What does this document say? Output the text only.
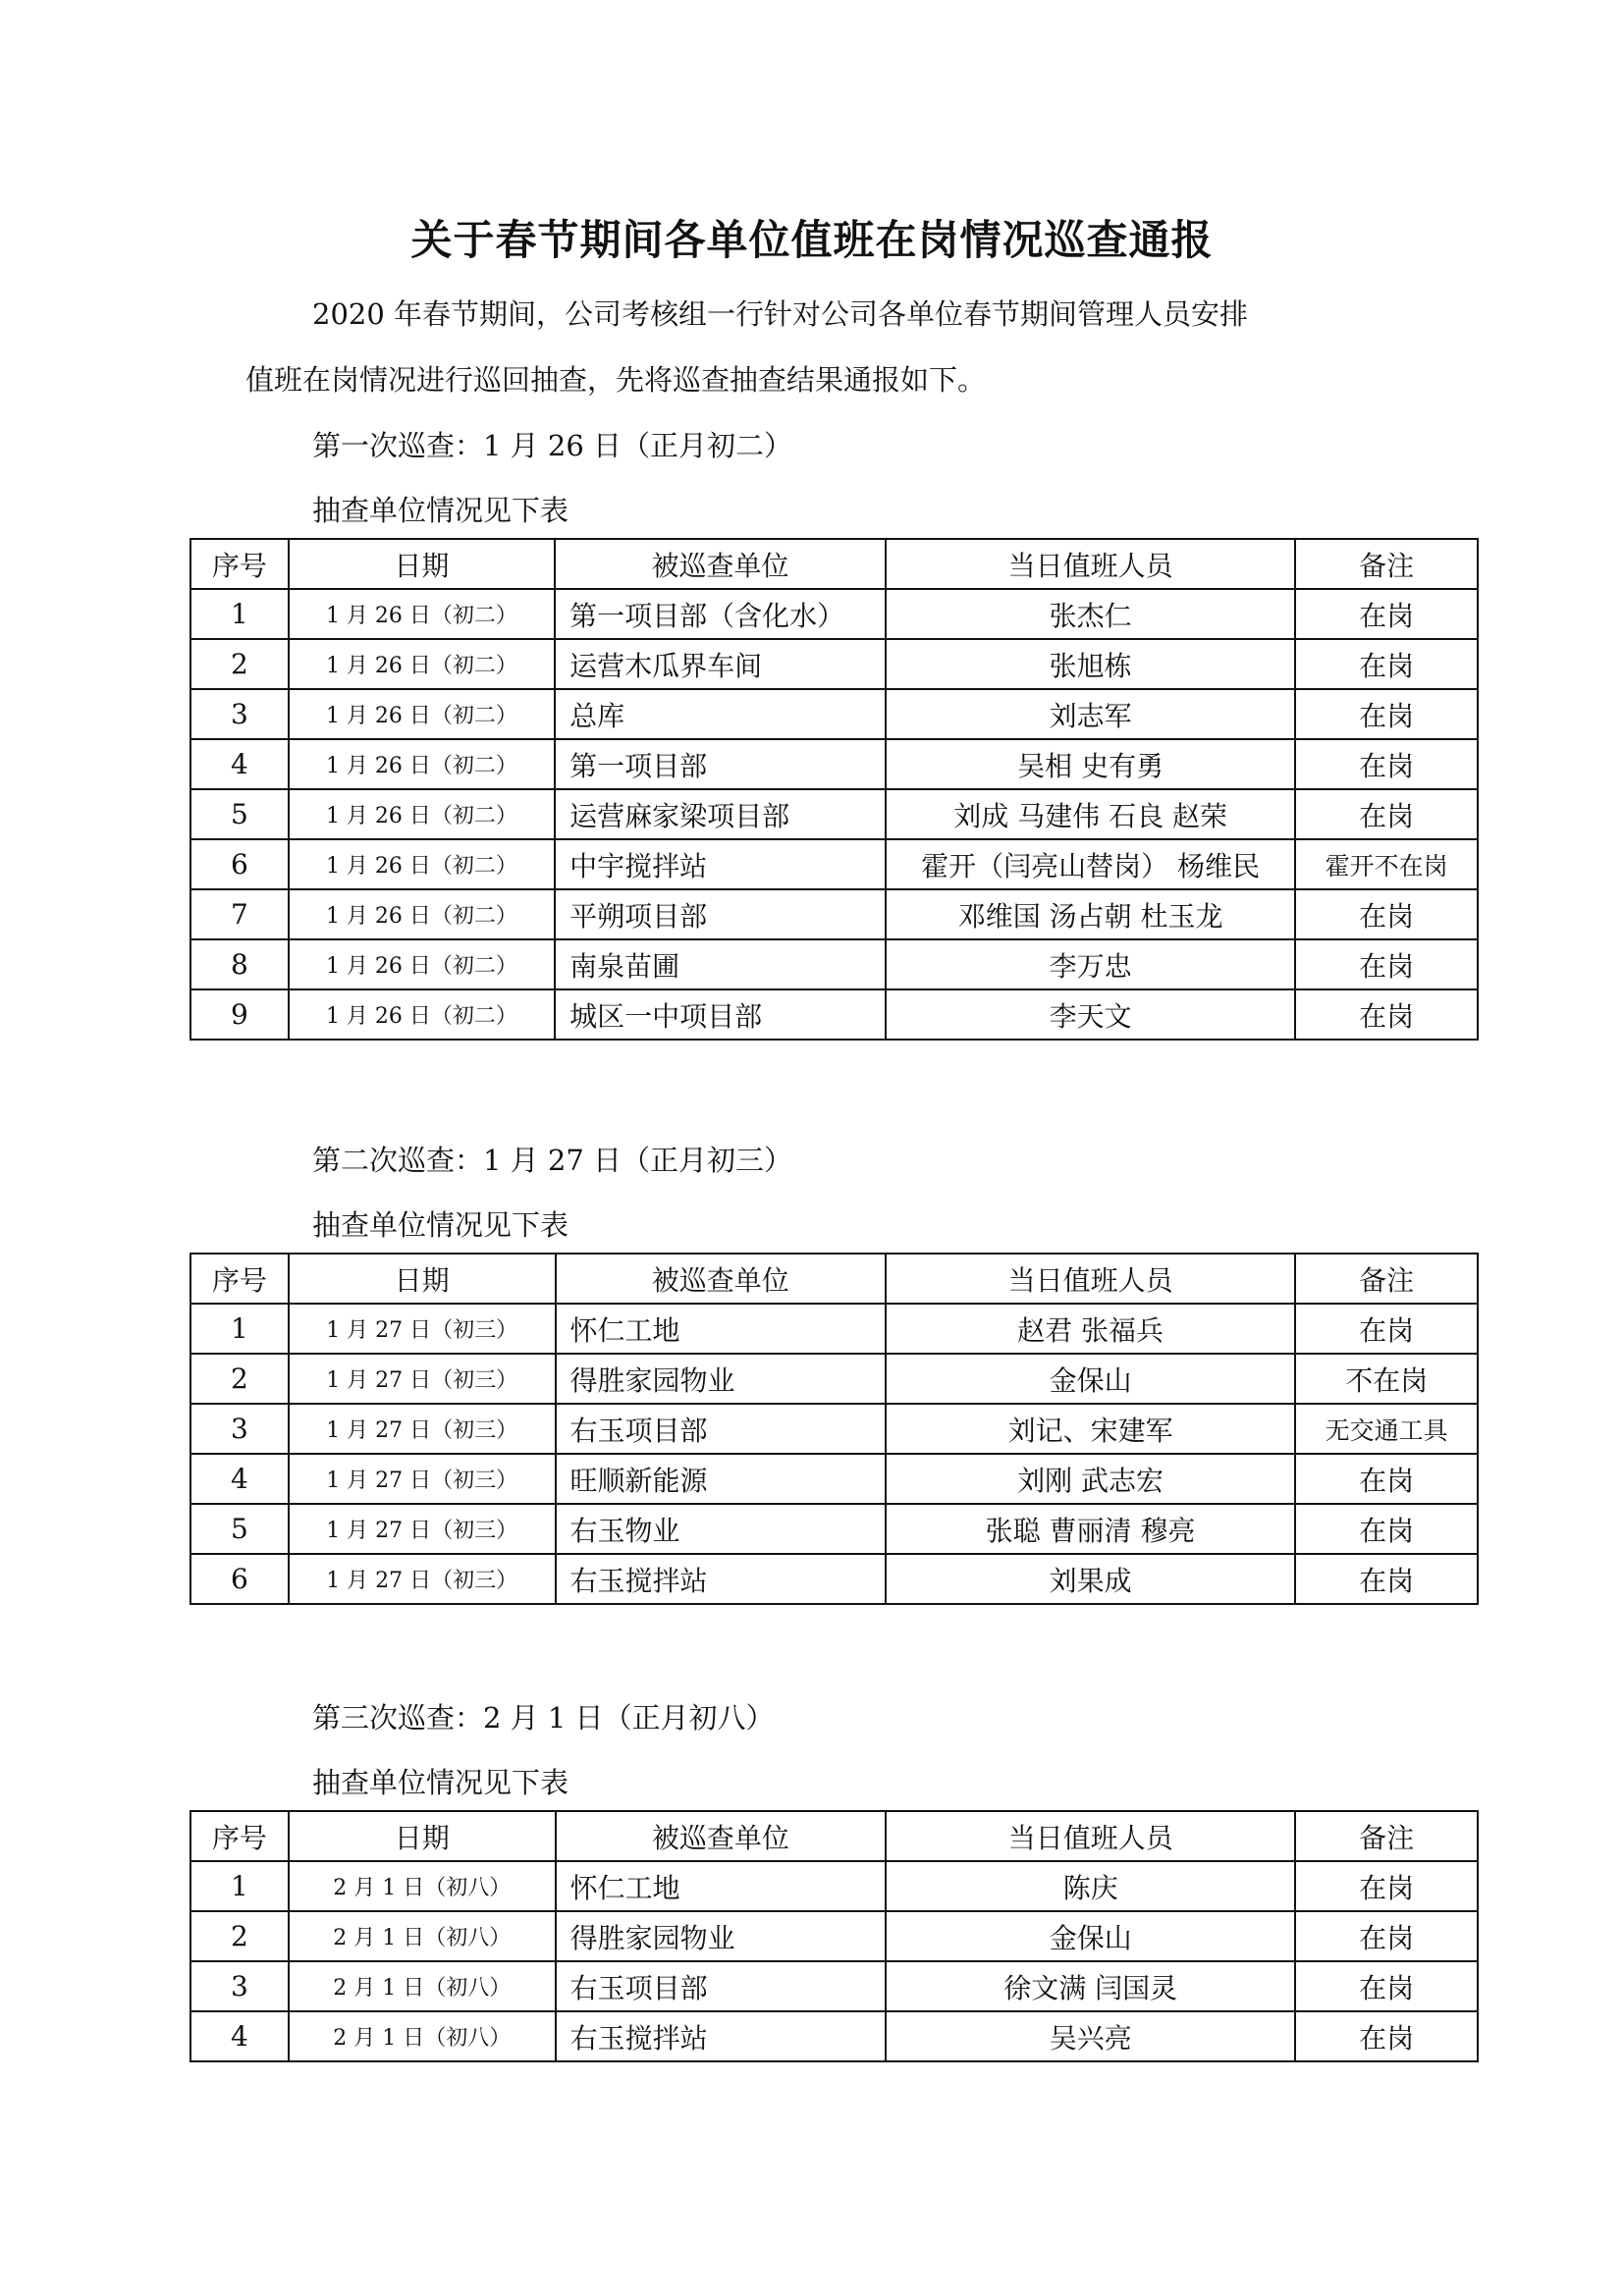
关于春节期间各单位值班在岗情况巡查通报
2020 年春节期间，公司考核组一行针对公司各单位春节期间管理人员安排
值班在岗情况进行巡回抽查，先将巡查抽查结果通报如下。
第一次巡查：1 月 26 日（正月初二）
抽查单位情况见下表
序号	日期	被巡查单位	当日值班人员	备注
1	1 月 26 日（初二）	第一项目部（含化水）	张杰仁	在岗
2	1 月 26 日（初二）	运营木瓜界车间	张旭栋	在岗
3	1 月 26 日（初二）	总库	刘志军	在岗
4	1 月 26 日（初二）	第一项目部	吴相 史有勇	在岗
5	1 月 26 日（初二）	运营麻家梁项目部	刘成 马建伟 石良 赵荣	在岗
6	1 月 26 日（初二）	中宇搅拌站	霍开（闫亮山替岗） 杨维民	霍开不在岗
7	1 月 26 日（初二）	平朔项目部	邓维国 汤占朝 杜玉龙	在岗
8	1 月 26 日（初二）	南泉苗圃	李万忠	在岗
9	1 月 26 日（初二）	城区一中项目部	李天文	在岗
第二次巡查：1 月 27 日（正月初三）
抽查单位情况见下表
序号	日期	被巡查单位	当日值班人员	备注
1	1 月 27 日（初三）	怀仁工地	赵君 张福兵	在岗
2	1 月 27 日（初三）	得胜家园物业	金保山	不在岗
3	1 月 27 日（初三）	右玉项目部	刘记、宋建军	无交通工具
4	1 月 27 日（初三）	旺顺新能源	刘刚 武志宏	在岗
5	1 月 27 日（初三）	右玉物业	张聪 曹丽清 穆亮	在岗
6	1 月 27 日（初三）	右玉搅拌站	刘果成	在岗
第三次巡查：2 月 1 日（正月初八）
抽查单位情况见下表
序号	日期	被巡查单位	当日值班人员	备注
1	2 月 1 日（初八）	怀仁工地	陈庆	在岗
2	2 月 1 日（初八）	得胜家园物业	金保山	在岗
3	2 月 1 日（初八）	右玉项目部	徐文满 闫国灵	在岗
4	2 月 1 日（初八）	右玉搅拌站	吴兴亮	在岗
